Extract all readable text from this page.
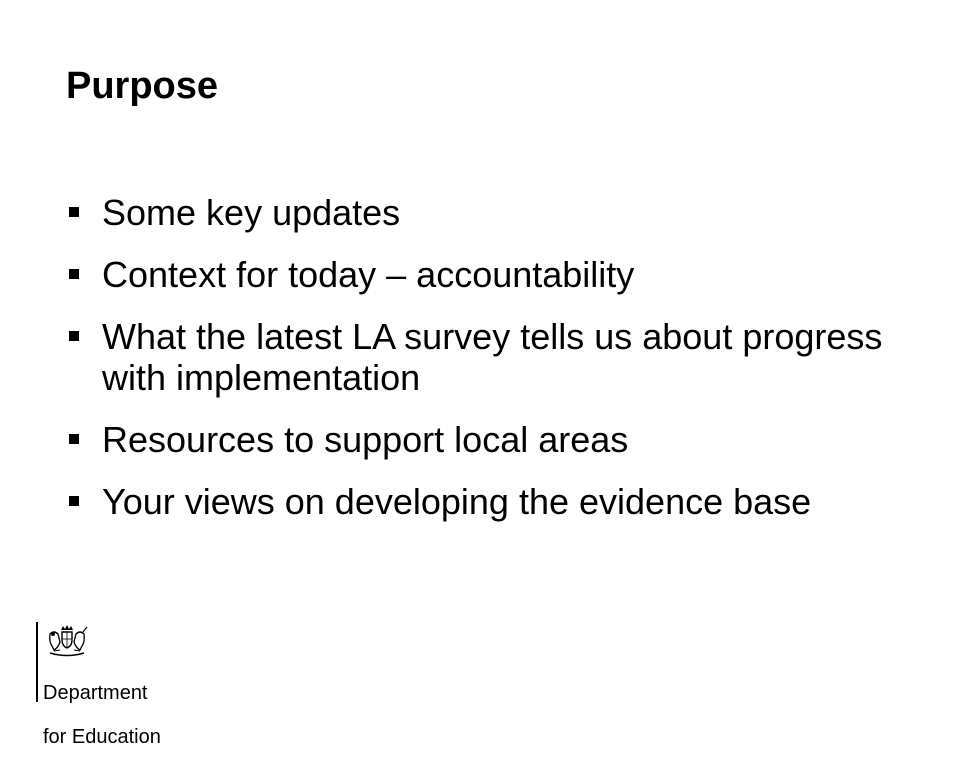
Purpose
Some key updates
Context for today – accountability
What the latest LA survey tells us about progress with implementation
Resources to support local areas
Your views on developing the evidence base

Department

for Education
